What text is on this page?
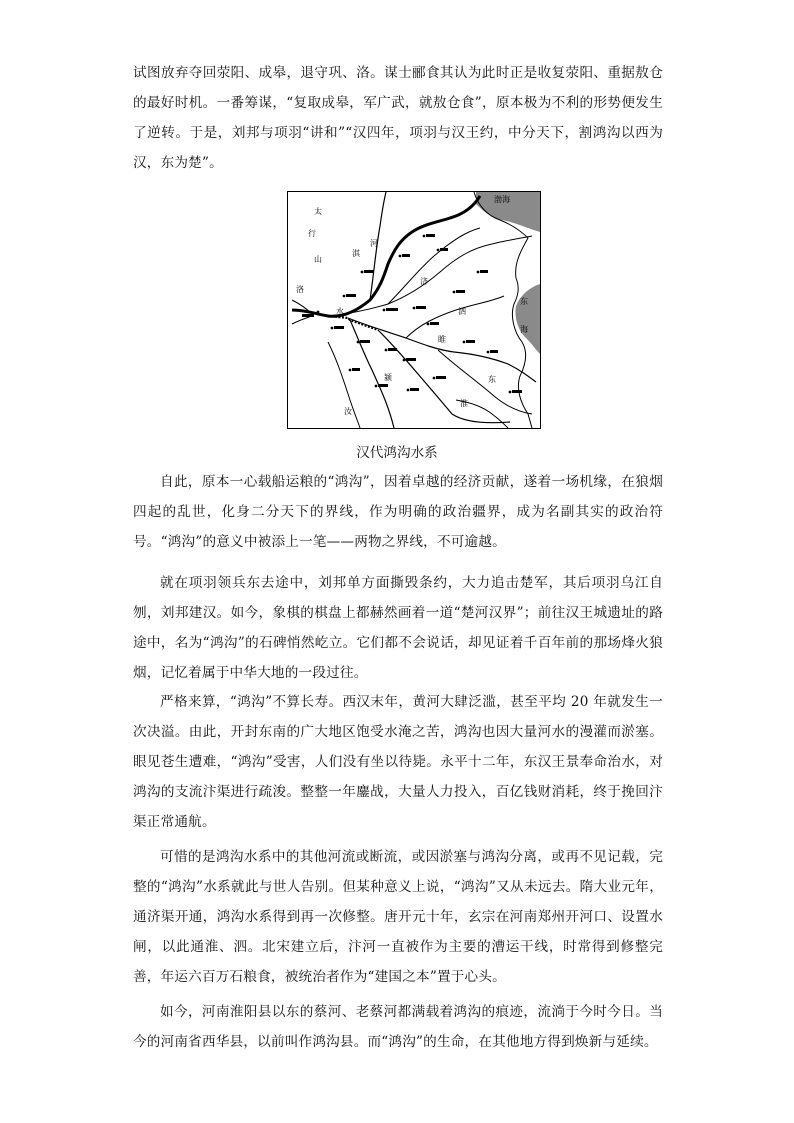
试图放弃夺回荥阳、成皋，退守巩、洛。谋士郦食其认为此时正是收复荥阳、重据敖仓的最好时机。一番筹谋，“复取成皋，军广武，就敖仓食”，原本极为不利的形势便发生了逆转。于是，刘邦与项羽“讲和”“汉四年，项羽与汉王约，中分天下，割鸿沟以西为汉，东为楚”。

渤海
东
海
太
行
山
河
水
济
淇
东
泗
睢
淮
颍
汝
洛

汉代鸿沟水系

自此，原本一心载船运粮的“鸿沟”，因着卓越的经济贡献，遂着一场机缘，在狼烟四起的乱世，化身二分天下的界线，作为明确的政治疆界，成为名副其实的政治符号。“鸿沟”的意义中被添上一笔——两物之界线，不可逾越。

就在项羽领兵东去途中，刘邦单方面撕毁条约，大力追击楚军，其后项羽乌江自刎，刘邦建汉。如今，象棋的棋盘上都赫然画着一道“楚河汉界”；前往汉王城遗址的路途中，名为“鸿沟”的石碑悄然屹立。它们都不会说话，却见证着千百年前的那场烽火狼烟，记忆着属于中华大地的一段过往。

严格来算，“鸿沟”不算长寿。西汉末年，黄河大肆泛滥，甚至平均 20 年就发生一次决溢。由此，开封东南的广大地区饱受水淹之苦，鸿沟也因大量河水的漫灌而淤塞。眼见苍生遭难，“鸿沟”受害，人们没有坐以待毙。永平十二年，东汉王景奉命治水，对鸿沟的支流汴渠进行疏浚。整整一年鏖战，大量人力投入，百亿钱财消耗，终于挽回汴渠正常通航。

可惜的是鸿沟水系中的其他河流或断流，或因淤塞与鸿沟分离，或再不见记载，完整的“鸿沟”水系就此与世人告别。但某种意义上说，“鸿沟”又从未远去。隋大业元年，通济渠开通，鸿沟水系得到再一次修整。唐开元十年，玄宗在河南郑州开河口、设置水闸，以此通淮、泗。北宋建立后，汴河一直被作为主要的漕运干线，时常得到修整完善，年运六百万石粮食，被统治者作为“建国之本”置于心头。

如今，河南淮阳县以东的蔡河、老蔡河都满载着鸿沟的痕迹，流淌于今时今日。当今的河南省西华县，以前叫作鸿沟县。而“鸿沟”的生命，在其他地方得到焕新与延续。
